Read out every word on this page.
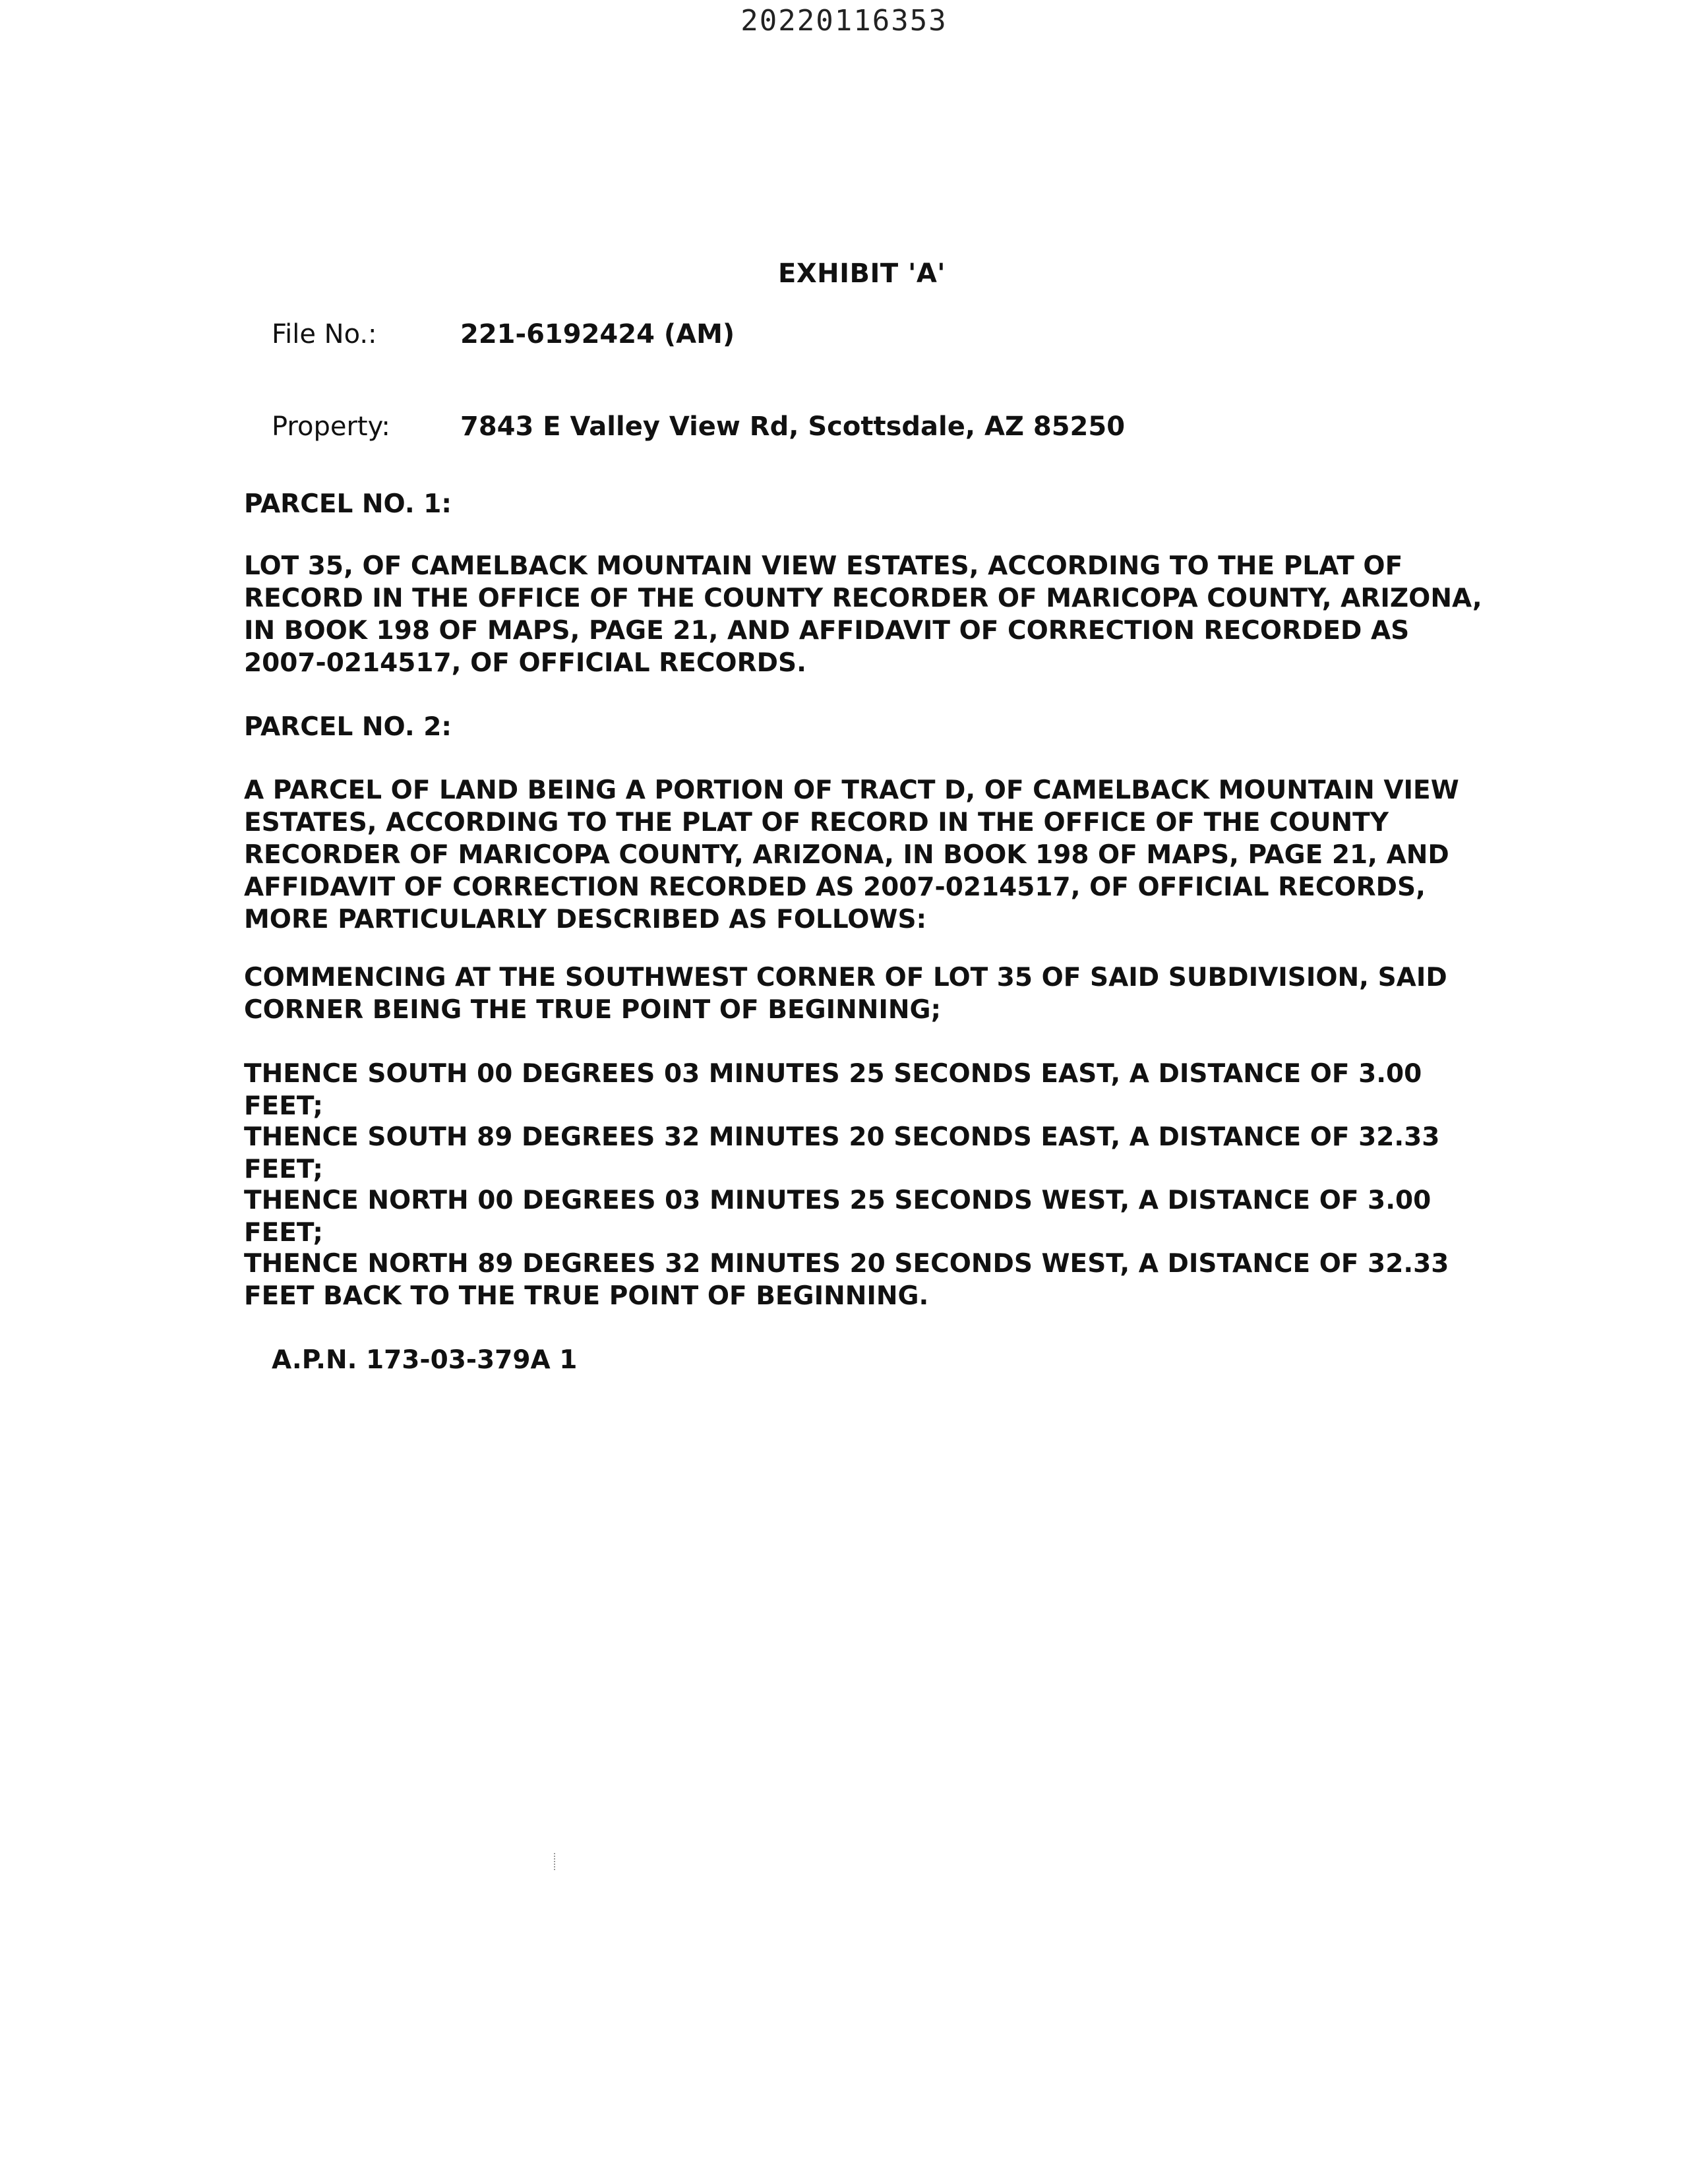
20220116353
EXHIBIT 'A'
File No.:	221-6192424 (AM)
Property:	7843 E Valley View Rd, Scottsdale, AZ 85250

PARCEL NO. 1:

LOT 35, OF CAMELBACK MOUNTAIN VIEW ESTATES, ACCORDING TO THE PLAT OF RECORD IN THE OFFICE OF THE COUNTY RECORDER OF MARICOPA COUNTY, ARIZONA, IN BOOK 198 OF MAPS, PAGE 21, AND AFFIDAVIT OF CORRECTION RECORDED AS 2007-0214517, OF OFFICIAL RECORDS.

PARCEL NO. 2:

A PARCEL OF LAND BEING A PORTION OF TRACT D, OF CAMELBACK MOUNTAIN VIEW ESTATES, ACCORDING TO THE PLAT OF RECORD IN THE OFFICE OF THE COUNTY RECORDER OF MARICOPA COUNTY, ARIZONA, IN BOOK 198 OF MAPS, PAGE 21, AND AFFIDAVIT OF CORRECTION RECORDED AS 2007-0214517, OF OFFICIAL RECORDS, MORE PARTICULARLY DESCRIBED AS FOLLOWS:

COMMENCING AT THE SOUTHWEST CORNER OF LOT 35 OF SAID SUBDIVISION, SAID CORNER BEING THE TRUE POINT OF BEGINNING;

THENCE SOUTH 00 DEGREES 03 MINUTES 25 SECONDS EAST, A DISTANCE OF 3.00 FEET;

THENCE SOUTH 89 DEGREES 32 MINUTES 20 SECONDS EAST, A DISTANCE OF 32.33 FEET;

THENCE NORTH 00 DEGREES 03 MINUTES 25 SECONDS WEST, A DISTANCE OF 3.00 FEET;

THENCE NORTH 89 DEGREES 32 MINUTES 20 SECONDS WEST, A DISTANCE OF 32.33 FEET BACK TO THE TRUE POINT OF BEGINNING.

A.P.N. 173-03-379A 1
